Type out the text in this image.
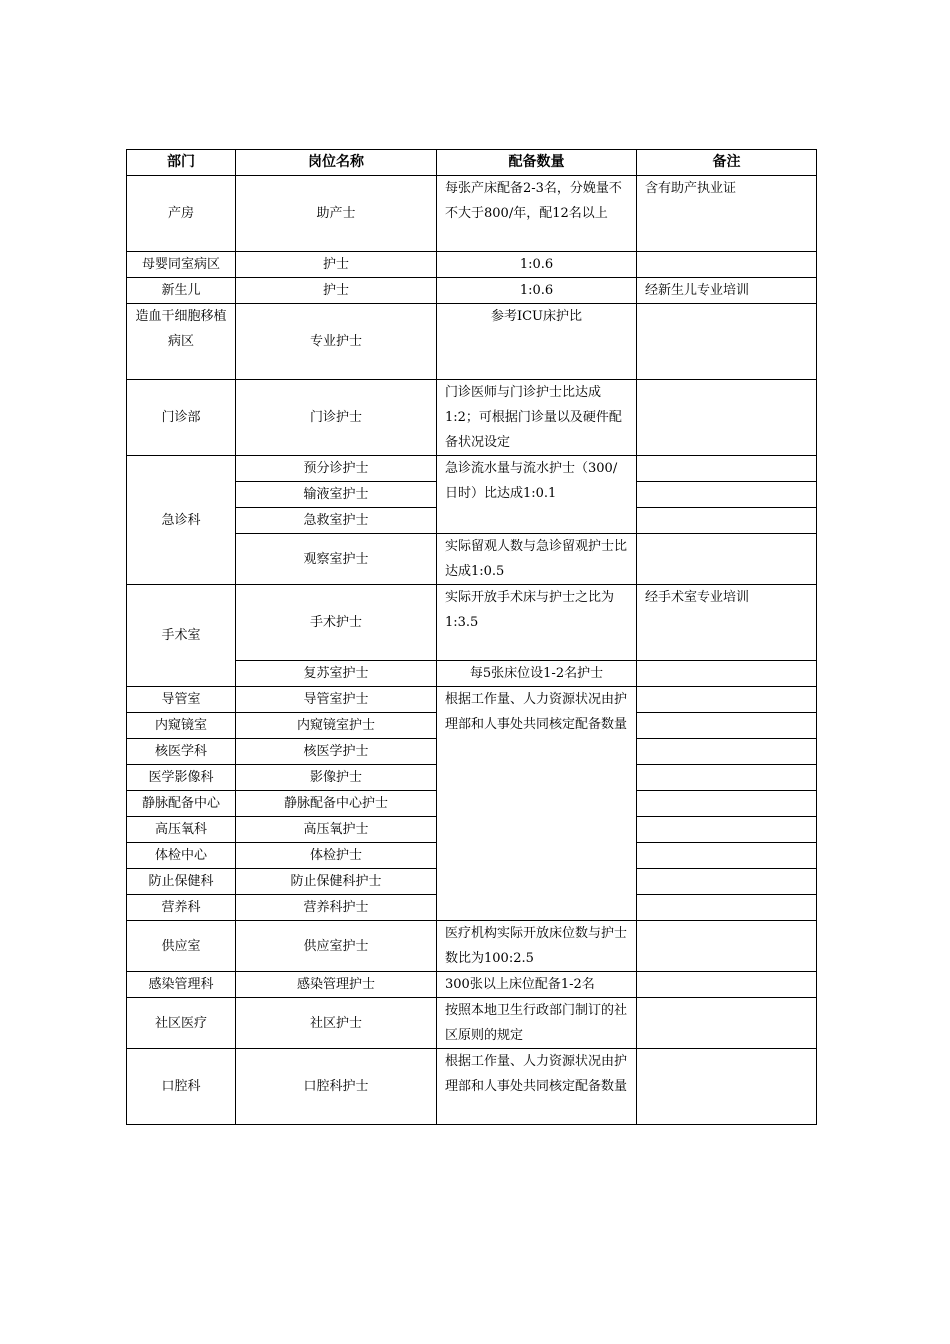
部门	岗位名称	配备数量	备注
产房	助产士	每张产床配备2-3名，分娩量不不大于800/年，配12名以上	含有助产执业证
母婴同室病区	护士	1:0.6	
新生儿	护士	1:0.6	经新生儿专业培训
造血干细胞移植病区	专业护士	参考ICU床护比	
门诊部	门诊护士	门诊医师与门诊护士比达成1:2；可根据门诊量以及硬件配备状况设定	
急诊科	预分诊护士	急诊流水量与流水护士（300/日时）比达成1:0.1	
	输液室护士		
	急救室护士		
	观察室护士	实际留观人数与急诊留观护士比达成1:0.5	
手术室	手术护士	实际开放手术床与护士之比为1:3.5	经手术室专业培训
	复苏室护士	每5张床位设1-2名护士	
导管室	导管室护士	根据工作量、人力资源状况由护理部和人事处共同核定配备数量	
内窥镜室	内窥镜室护士		
核医学科	核医学护士		
医学影像科	影像护士		
静脉配备中心	静脉配备中心护士		
高压氧科	高压氧护士		
体检中心	体检护士		
防止保健科	防止保健科护士		
营养科	营养科护士		
供应室	供应室护士	医疗机构实际开放床位数与护士数比为100:2.5	
感染管理科	感染管理护士	300张以上床位配备1-2名	
社区医疗	社区护士	按照本地卫生行政部门制订的社区原则的规定	
口腔科	口腔科护士	根据工作量、人力资源状况由护理部和人事处共同核定配备数量	
